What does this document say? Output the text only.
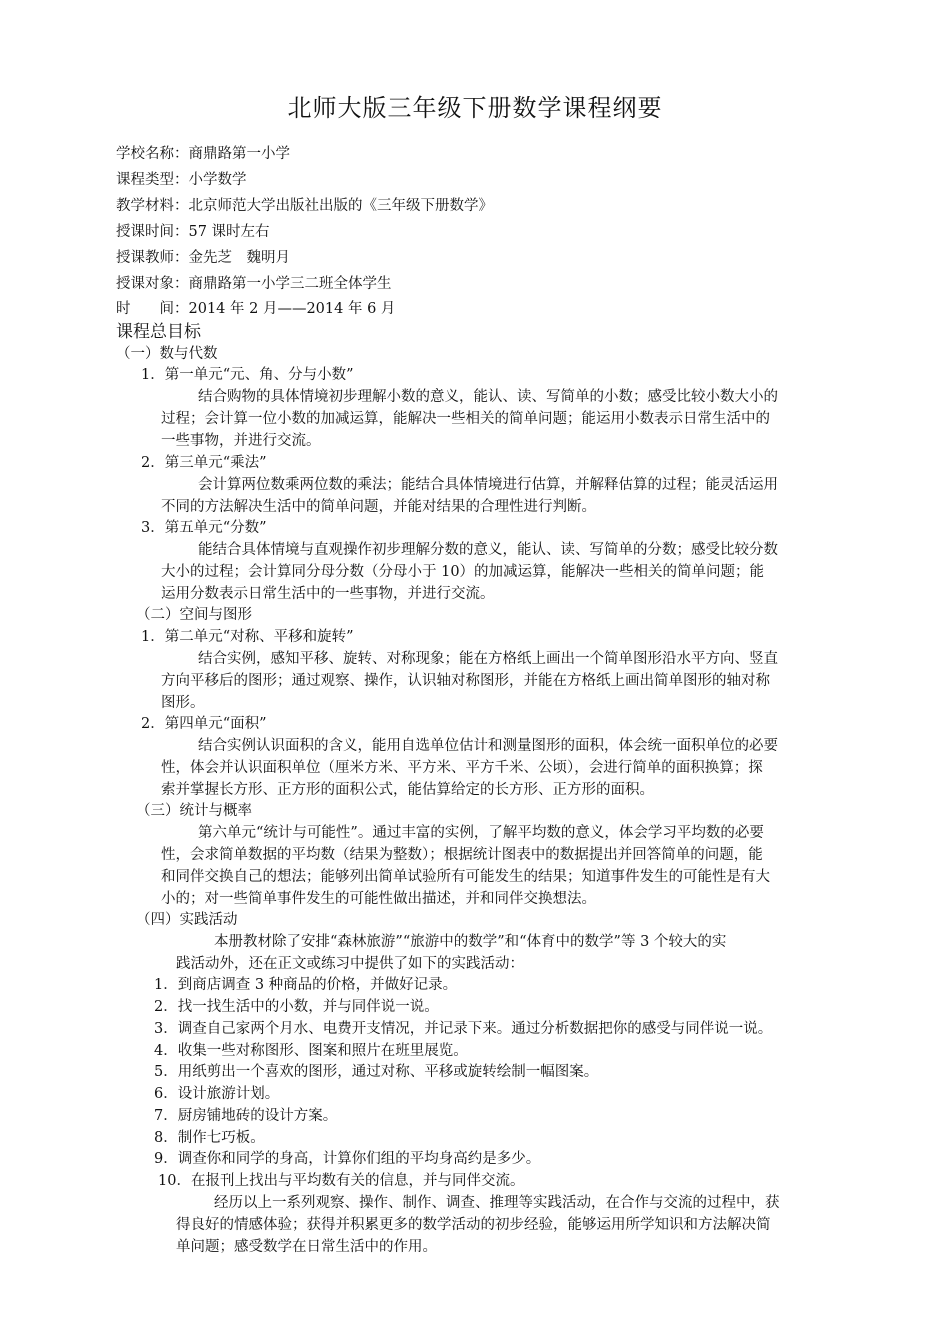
北师大版三年级下册数学课程纲要
学校名称：商鼎路第一小学
课程类型：小学数学
教学材料：北京师范大学出版社出版的《三年级下册数学》
授课时间：57 课时左右
授课教师：金先芝　魏明月
授课对象：商鼎路第一小学三二班全体学生
时　　间：2014 年 2 月——2014 年 6 月
课程总目标
（一）数与代数
1．第一单元“元、角、分与小数”
结合购物的具体情境初步理解小数的意义，能认、读、写简单的小数；感受比较小数大小的
过程；会计算一位小数的加减运算，能解决一些相关的简单问题；能运用小数表示日常生活中的
一些事物，并进行交流。
2．第三单元“乘法”
会计算两位数乘两位数的乘法；能结合具体情境进行估算，并解释估算的过程；能灵活运用
不同的方法解决生活中的简单问题，并能对结果的合理性进行判断。
3．第五单元“分数”
能结合具体情境与直观操作初步理解分数的意义，能认、读、写简单的分数；感受比较分数
大小的过程；会计算同分母分数（分母小于 10）的加减运算，能解决一些相关的简单问题；能
运用分数表示日常生活中的一些事物，并进行交流。
（二）空间与图形
1．第二单元“对称、平移和旋转”
结合实例，感知平移、旋转、对称现象；能在方格纸上画出一个简单图形沿水平方向、竖直
方向平移后的图形；通过观察、操作，认识轴对称图形，并能在方格纸上画出简单图形的轴对称
图形。
2．第四单元“面积”
结合实例认识面积的含义，能用自选单位估计和测量图形的面积，体会统一面积单位的必要
性，体会并认识面积单位（厘米方米、平方米、平方千米、公顷），会进行简单的面积换算；探
索并掌握长方形、正方形的面积公式，能估算给定的长方形、正方形的面积。
（三）统计与概率
第六单元“统计与可能性”。通过丰富的实例，了解平均数的意义，体会学习平均数的必要
性，会求简单数据的平均数（结果为整数）；根据统计图表中的数据提出并回答简单的问题，能
和同伴交换自己的想法；能够列出简单试验所有可能发生的结果；知道事件发生的可能性是有大
小的；对一些简单事件发生的可能性做出描述，并和同伴交换想法。
（四）实践活动
本册教材除了安排“森林旅游”“旅游中的数学”和“体育中的数学”等 3 个较大的实
践活动外，还在正文或练习中提供了如下的实践活动：
1．到商店调查 3 种商品的价格，并做好记录。
2．找一找生活中的小数，并与同伴说一说。
3．调查自己家两个月水、电费开支情况，并记录下来。通过分析数据把你的感受与同伴说一说。
4．收集一些对称图形、图案和照片在班里展览。
5．用纸剪出一个喜欢的图形，通过对称、平移或旋转绘制一幅图案。
6．设计旅游计划。
7．厨房铺地砖的设计方案。
8．制作七巧板。
9．调查你和同学的身高，计算你们组的平均身高约是多少。
10．在报刊上找出与平均数有关的信息，并与同伴交流。
经历以上一系列观察、操作、制作、调查、推理等实践活动，在合作与交流的过程中，获
得良好的情感体验；获得并积累更多的数学活动的初步经验，能够运用所学知识和方法解决简
单问题；感受数学在日常生活中的作用。
